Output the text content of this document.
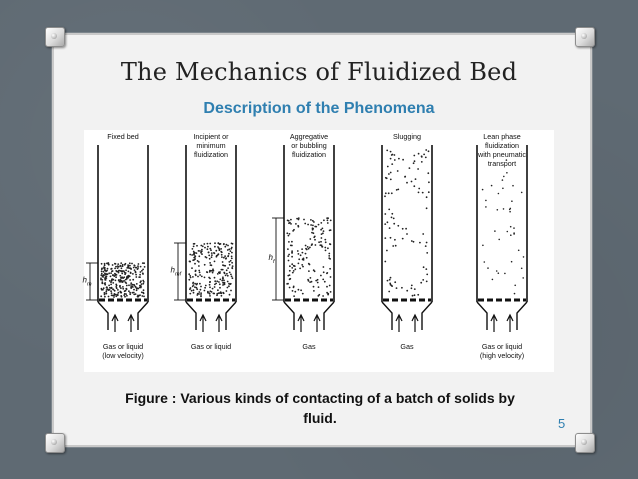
The Mechanics of Fluidized Bed
Description of the Phenomena
Fixed bed
Gas or liquid
(low velocity)
h m
Incipient or
minimum
fluidization
Gas or liquid
h mf
Aggregative
or bubbling
fluidization
Gas
h f
Slugging
Gas
Lean phase
fluidization
with pneumatic
transport
Gas or liquid
(high velocity)
Figure : Various kinds of contacting of a batch of solids by
fluid.	5
